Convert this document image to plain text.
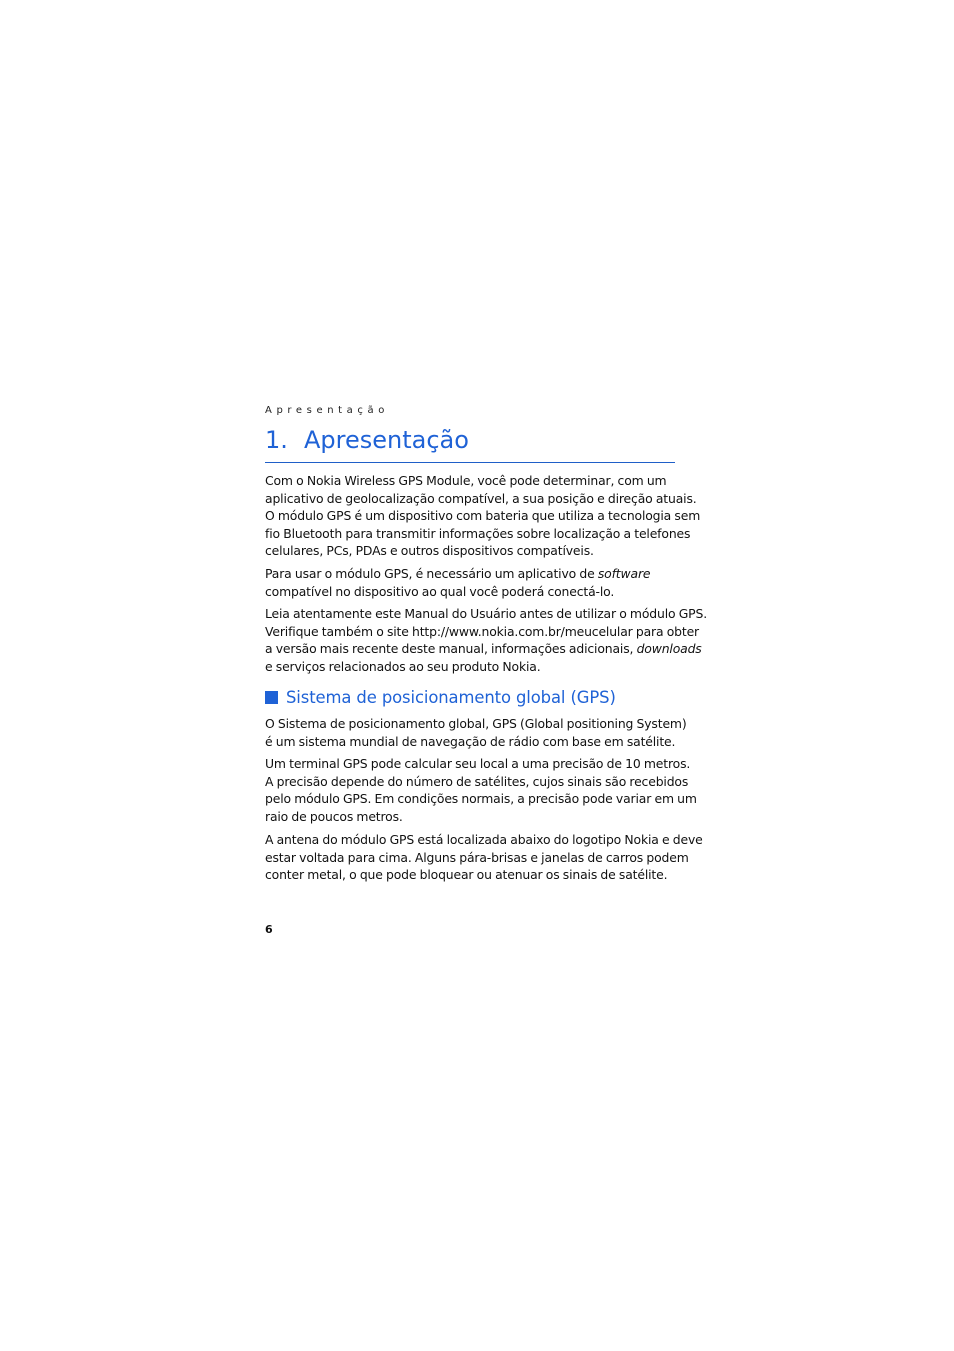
Apresentação
1. Apresentação
Com o Nokia Wireless GPS Module, você pode determinar, com um
aplicativo de geolocalização compatível, a sua posição e direção atuais.
O módulo GPS é um dispositivo com bateria que utiliza a tecnologia sem
fio Bluetooth para transmitir informações sobre localização a telefones
celulares, PCs, PDAs e outros dispositivos compatíveis.
Para usar o módulo GPS, é necessário um aplicativo de software
compatível no dispositivo ao qual você poderá conectá-lo.
Leia atentamente este Manual do Usuário antes de utilizar o módulo GPS.
Verifique também o site http://www.nokia.com.br/meucelular para obter
a versão mais recente deste manual, informações adicionais, downloads
e serviços relacionados ao seu produto Nokia.
Sistema de posicionamento global (GPS)
O Sistema de posicionamento global, GPS (Global positioning System)
é um sistema mundial de navegação de rádio com base em satélite.
Um terminal GPS pode calcular seu local a uma precisão de 10 metros.
A precisão depende do número de satélites, cujos sinais são recebidos
pelo módulo GPS. Em condições normais, a precisão pode variar em um
raio de poucos metros.
A antena do módulo GPS está localizada abaixo do logotipo Nokia e deve
estar voltada para cima. Alguns pára-brisas e janelas de carros podem
conter metal, o que pode bloquear ou atenuar os sinais de satélite.
6
